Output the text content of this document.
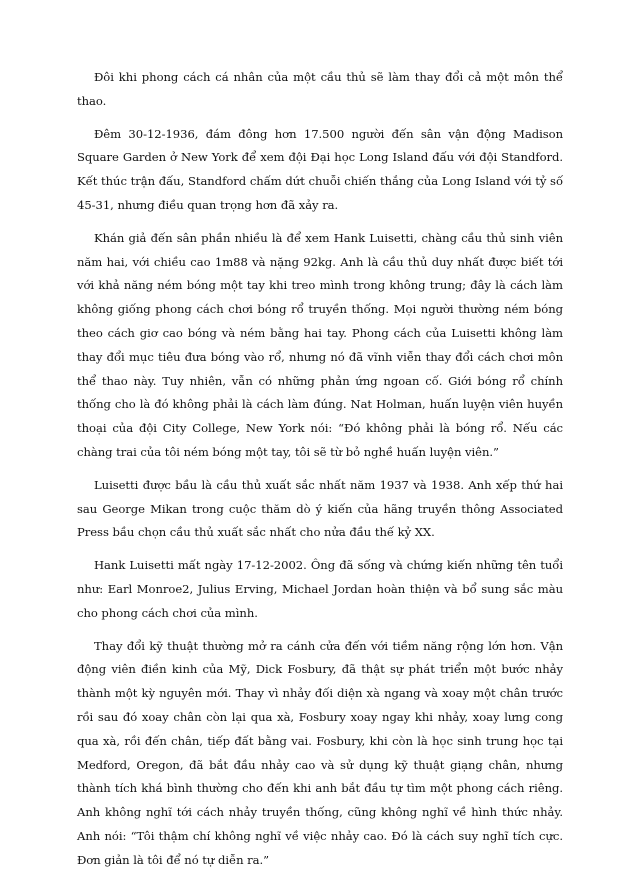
Đôi khi phong cách cá nhân của một cầu thủ sẽ làm thay đổi cả một môn thể thao.

Đêm 30-12-1936, đám đông hơn 17.500 người đến sân vận động Madison Square Garden ở New York để xem đội Đại học Long Island đấu với đội Standford. Kết thúc trận đấu, Standford chấm dứt chuỗi chiến thắng của Long Island với tỷ số 45-31, nhưng điều quan trọng hơn đã xảy ra.

Khán giả đến sân phần nhiều là để xem Hank Luisetti, chàng cầu thủ sinh viên năm hai, với chiều cao 1m88 và nặng 92kg. Anh là cầu thủ duy nhất được biết tới với khả năng ném bóng một tay khi treo mình trong không trung; đây là cách làm không giống phong cách chơi bóng rổ truyền thống. Mọi người thường ném bóng theo cách giơ cao bóng và ném bằng hai tay. Phong cách của Luisetti không làm thay đổi mục tiêu đưa bóng vào rổ, nhưng nó đã vĩnh viễn thay đổi cách chơi môn thể thao này. Tuy nhiên, vẫn có những phản ứng ngoan cố. Giới bóng rổ chính thống cho là đó không phải là cách làm đúng. Nat Holman, huấn luyện viên huyền thoại của đội City College, New York nói: “Đó không phải là bóng rổ. Nếu các chàng trai của tôi ném bóng một tay, tôi sẽ từ bỏ nghề huấn luyện viên.”

Luisetti được bầu là cầu thủ xuất sắc nhất năm 1937 và 1938. Anh xếp thứ hai sau George Mikan trong cuộc thăm dò ý kiến của hãng truyền thông Associated Press bầu chọn cầu thủ xuất sắc nhất cho nửa đầu thế kỷ XX.

Hank Luisetti mất ngày 17-12-2002. Ông đã sống và chứng kiến những tên tuổi như: Earl Monroe2, Julius Erving, Michael Jordan hoàn thiện và bổ sung sắc màu cho phong cách chơi của mình.

Thay đổi kỹ thuật thường mở ra cánh cửa đến với tiềm năng rộng lớn hơn. Vận động viên điền kinh của Mỹ, Dick Fosbury, đã thật sự phát triển một bước nhảy thành một kỳ nguyên mới. Thay vì nhảy đối diện xà ngang và xoay một chân trước rồi sau đó xoay chân còn lại qua xà, Fosbury xoay ngay khi nhảy, xoay lưng cong qua xà, rồi đến chân, tiếp đất bằng vai. Fosbury, khi còn là học sinh trung học tại Medford, Oregon, đã bắt đầu nhảy cao và sử dụng kỹ thuật giạng chân, nhưng thành tích khá bình thường cho đến khi anh bắt đầu tự tìm một phong cách riêng. Anh không nghĩ tới cách nhảy truyền thống, cũng không nghĩ về hình thức nhảy. Anh nói: “Tôi thậm chí không nghĩ về việc nhảy cao. Đó là cách suy nghĩ tích cực. Đơn giản là tôi để nó tự diễn ra.”
